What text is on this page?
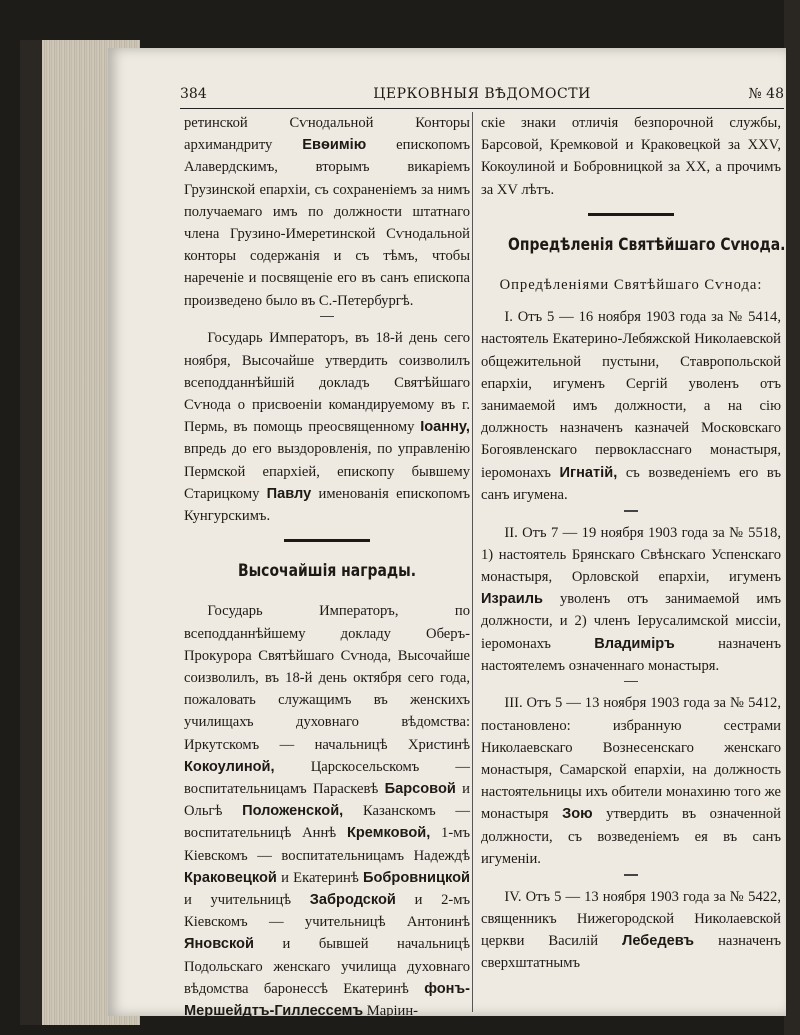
384	ЦЕРКОВНЫЯ ВѢДОМОСТИ	№ 48

ретинской Сѵнодальной Конторы архимандриту Евѳимію епископомъ Алавердскимъ, вторымъ викаріемъ Грузинской епархіи, съ сохраненіемъ за нимъ получаемаго имъ по должности штатнаго члена Грузино-Имеретинской Сѵнодальной конторы содержанія и съ тѣмъ, чтобы нареченіе и посвященіе его въ санъ епископа произведено было въ С.-Петербургѣ.

Государь Императоръ, въ 18-й день сего ноября, Высочайше утвердить соизволилъ всеподданнѣйшій докладъ Святѣйшаго Сѵнода о присвоеніи командируемому въ г. Пермь, въ помощь преосвященному Іоанну, впредь до его выздоровленія, по управленію Пермской епархіей, епископу бывшему Старицкому Павлу именованія епископомъ Кунгурскимъ.

Высочайшія награды.

Государь Императоръ, по всеподданнѣйшему докладу Оберъ-Прокурора Святѣйшаго Сѵнода, Высочайше соизволилъ, въ 18-й день октября сего года, пожаловать служащимъ въ женскихъ училищахъ духовнаго вѣдомства: Иркутскомъ — начальницѣ Христинѣ Кокоулиной, Царскосельскомъ — воспитательницамъ Параскевѣ Барсовой и Ольгѣ Положенской, Казанскомъ — воспитательницѣ Аннѣ Кремковой, 1-мъ Кіевскомъ — воспитательницамъ Надеждѣ Краковецкой и Екатеринѣ Бобровницкой и учительницѣ Забродской и 2-мъ Кіевскомъ — учительницѣ Антонинѣ Яновской и бывшей начальницѣ Подольскаго женскаго училища духовнаго вѣдомства баронессѣ Екатеринѣ фонъ-Мершейдтъ-Гиллессемъ Маріин-

скіе знаки отличія безпорочной службы, Барсовой, Кремковой и Краковецкой за XXV, Кокоулиной и Бобровницкой за XX, а прочимъ за XV лѣтъ.

Опредѣленія Святѣйшаго Сѵнода.
Опредѣленіями Святѣйшаго Сѵнода:

I. Отъ 5 — 16 ноября 1903 года за № 5414, настоятель Екатерино-Лебяжской Николаевской общежительной пустыни, Ставропольской епархіи, игуменъ Сергій уволенъ отъ занимаемой имъ должности, а на сію должность назначенъ казначей Московскаго Богоявленскаго первоклacснаго монастыря, іеромонахъ Игнатій, съ возведеніемъ его въ санъ игумена.

II. Отъ 7 — 19 ноября 1903 года за № 5518, 1) настоятель Брянскаго Свѣнскаго Успенскаго монастыря, Орловской епархіи, игуменъ Израиль уволенъ отъ занимаемой имъ должности, и 2) членъ Іерусалимской миссіи, іеромонахъ Владиміръ назначенъ настоятелемъ означеннаго монастыря.

III. Отъ 5 — 13 ноября 1903 года за № 5412, постановлено: избранную сестрами Николаевскаго Вознесенскаго женскаго монастыря, Самарской епархіи, на должность настоятельницы ихъ обители монахиню того же монастыря Зою утвердить въ означенной должности, съ возведеніемъ ея въ санъ игуменіи.

IV. Отъ 5 — 13 ноября 1903 года за № 5422, священникъ Нижегородской Николаевской церкви Василій Лебедевъ назначенъ сверхштатнымъ
